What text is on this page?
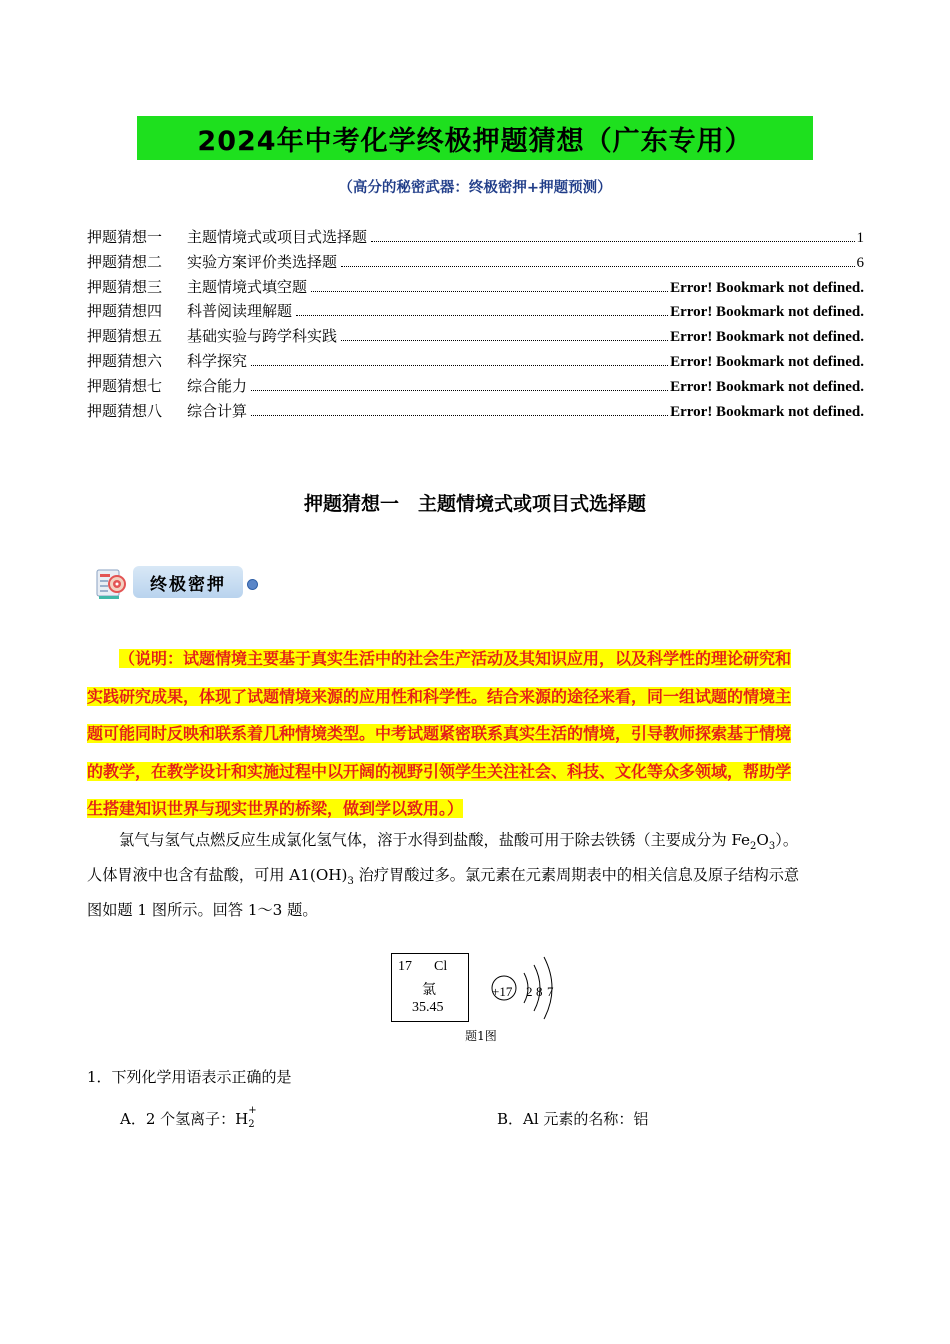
2024年中考化学终极押题猜想（广东专用）
（高分的秘密武器：终极密押+押题预测）
押题猜想一	主题情境式或项目式选择题	1
押题猜想二	实验方案评价类选择题	6
押题猜想三	主题情境式填空题	Error! Bookmark not defined.
押题猜想四	科普阅读理解题	Error! Bookmark not defined.
押题猜想五	基础实验与跨学科实践	Error! Bookmark not defined.
押题猜想六	科学探究	Error! Bookmark not defined.
押题猜想七	综合能力	Error! Bookmark not defined.
押题猜想八	综合计算	Error! Bookmark not defined.
押题猜想一　主题情境式或项目式选择题
终极密押
（说明：试题情境主要基于真实生活中的社会生产活动及其知识应用，以及科学性的理论研究和
实践研究成果，体现了试题情境来源的应用性和科学性。结合来源的途径来看，同一组试题的情境主
题可能同时反映和联系着几种情境类型。中考试题紧密联系真实生活的情境，引导教师探索基于情境
的教学，在教学设计和实施过程中以开阔的视野引领学生关注社会、科技、文化等众多领域，帮助学
生搭建知识世界与现实世界的桥梁，做到学以致用。）
氯气与氢气点燃反应生成氯化氢气体，溶于水得到盐酸，盐酸可用于除去铁锈（主要成分为 $Fe_2O_3$）。
人体胃液中也含有盐酸，可用 $A1(OH)_3$ 治疗胃酸过多。氯元素在元素周期表中的相关信息及原子结构示意
图如题 1 图所示。回答 1～3 题。
17 Cl
氯
35.45
+17 2 8 7
题1图
1．下列化学用语表示正确的是
A．2 个氢离子：H +
2	B．Al 元素的名称：铝
